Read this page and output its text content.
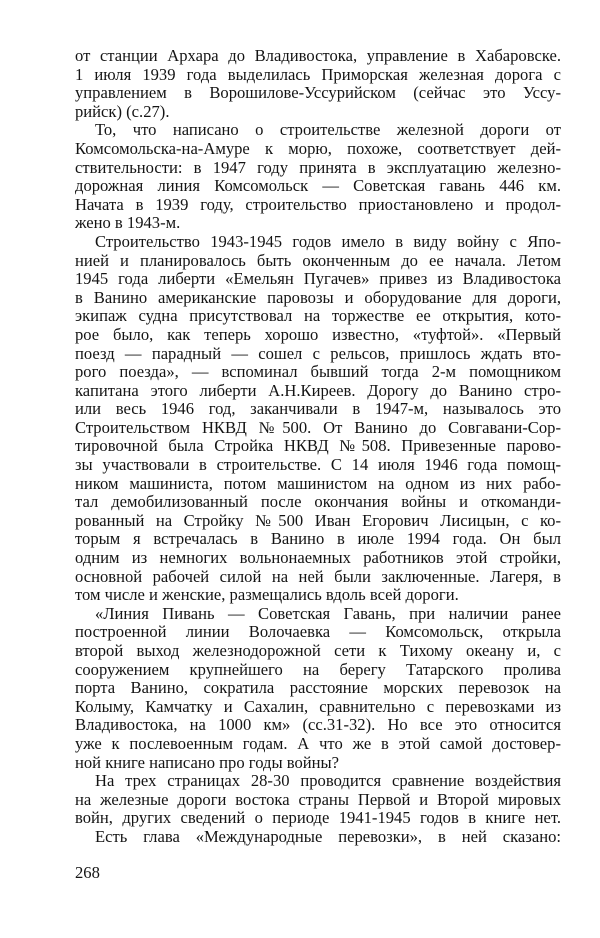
от станции Архара до Владивостока, управление в Хабаровске.
1 июля 1939 года выделилась Приморская железная дорога с
управлением в Ворошилове-Уссурийском (сейчас это Уссу-
рийск) (с.27).
То, что написано о строительстве железной дороги от
Комсомольска-на-Амуре к морю, похоже, соответствует дей-
ствительности: в 1947 году принята в эксплуатацию железно-
дорожная линия Комсомольск — Советская гавань 446 км.
Начата в 1939 году, строительство приостановлено и продол-
жено в 1943-м.
Строительство 1943-1945 годов имело в виду войну с Япо-
нией и планировалось быть оконченным до ее начала. Летом
1945 года либерти «Емельян Пугачев» привез из Владивостока
в Ванино американские паровозы и оборудование для дороги,
экипаж судна присутствовал на торжестве ее открытия, кото-
рое было, как теперь хорошо известно, «туфтой». «Первый
поезд — парадный — сошел с рельсов, пришлось ждать вто-
рого поезда», — вспоминал бывший тогда 2-м помощником
капитана этого либерти А.Н.Киреев. Дорогу до Ванино стро-
или весь 1946 год, заканчивали в 1947-м, называлось это
Строительством НКВД №500. От Ванино до Совгавани-Сор-
тировочной была Стройка НКВД №508. Привезенные парово-
зы участвовали в строительстве. С 14 июля 1946 года помощ-
ником машиниста, потом машинистом на одном из них рабо-
тал демобилизованный после окончания войны и откоманди-
рованный на Стройку №500 Иван Егорович Лисицын, с ко-
торым я встречалась в Ванино в июле 1994 года. Он был
одним из немногих вольнонаемных работников этой стройки,
основной рабочей силой на ней были заключенные. Лагеря, в
том числе и женские, размещались вдоль всей дороги.
«Линия Пивань — Советская Гавань, при наличии ранее
построенной линии Волочаевка — Комсомольск, открыла
второй выход железнодорожной сети к Тихому океану и, с
сооружением крупнейшего на берегу Татарского пролива
порта Ванино, сократила расстояние морских перевозок на
Колыму, Камчатку и Сахалин, сравнительно с перевозками из
Владивостока, на 1000 км» (сс.31-32). Но все это относится
уже к послевоенным годам. А что же в этой самой достовер-
ной книге написано про годы войны?
На трех страницах 28-30 проводится сравнение воздействия
на железные дороги востока страны Первой и Второй мировых
войн, других сведений о периоде 1941-1945 годов в книге нет.
Есть глава «Международные перевозки», в ней сказано:
268
